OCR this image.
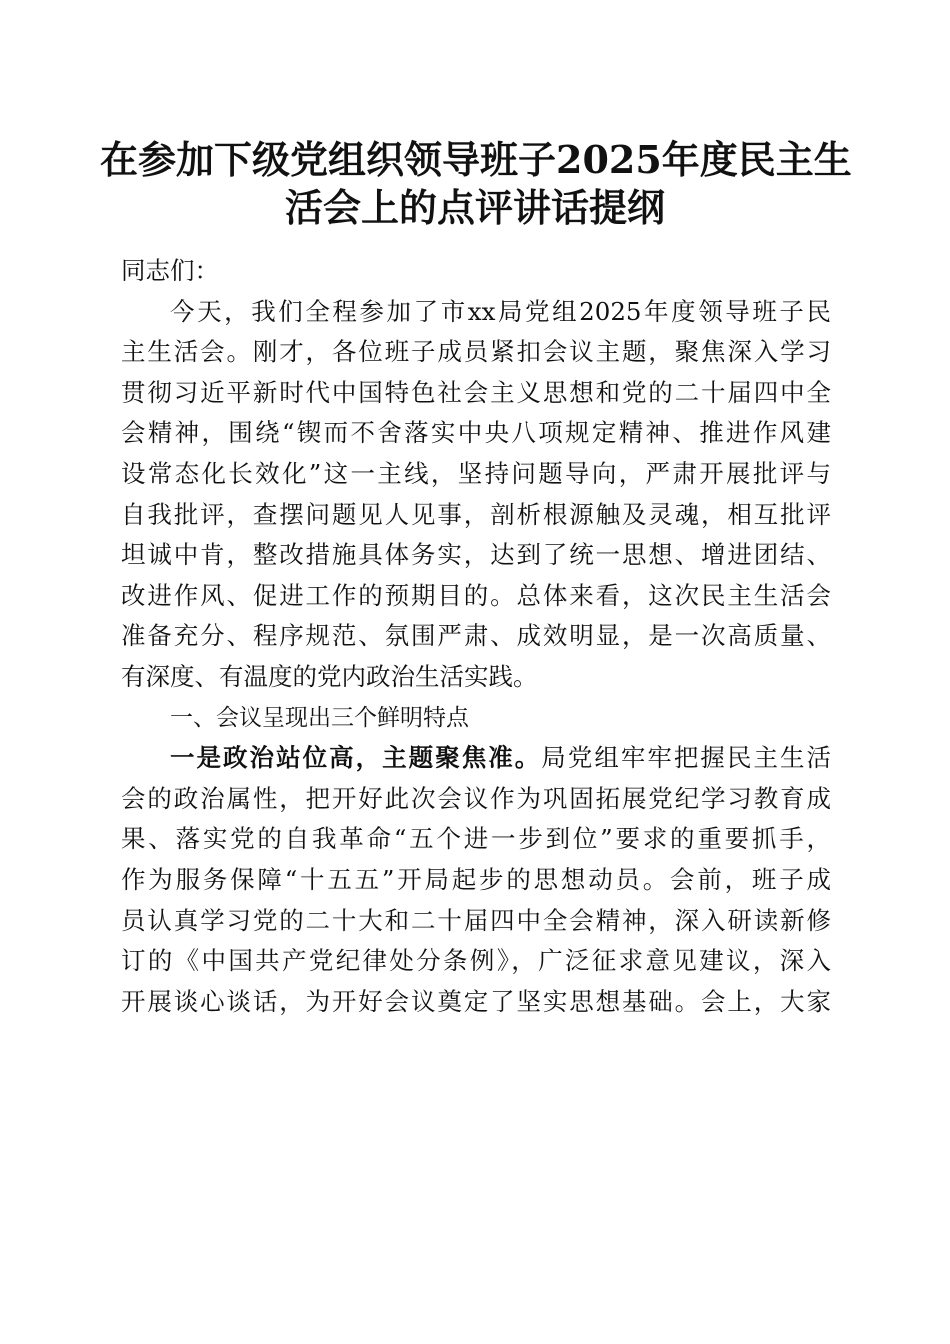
在参加下级党组织领导班子2025年度民主生
活会上的点评讲话提纲
同志们：
今天，我们全程参加了市xx局党组2025年度领导班子民
主生活会。刚才，各位班子成员紧扣会议主题，聚焦深入学习
贯彻习近平新时代中国特色社会主义思想和党的二十届四中全
会精神，围绕“锲而不舍落实中央八项规定精神、推进作风建
设常态化长效化”这一主线，坚持问题导向，严肃开展批评与
自我批评，查摆问题见人见事，剖析根源触及灵魂，相互批评
坦诚中肯，整改措施具体务实，达到了统一思想、增进团结、
改进作风、促进工作的预期目的。总体来看，这次民主生活会
准备充分、程序规范、氛围严肃、成效明显，是一次高质量、
有深度、有温度的党内政治生活实践。
一、会议呈现出三个鲜明特点
一是政治站位高，主题聚焦准。局党组牢牢把握民主生活
会的政治属性，把开好此次会议作为巩固拓展党纪学习教育成
果、落实党的自我革命“五个进一步到位”要求的重要抓手，
作为服务保障“十五五”开局起步的思想动员。会前，班子成
员认真学习党的二十大和二十届四中全会精神，深入研读新修
订的《中国共产党纪律处分条例》，广泛征求意见建议，深入
开展谈心谈话，为开好会议奠定了坚实思想基础。会上，大家
